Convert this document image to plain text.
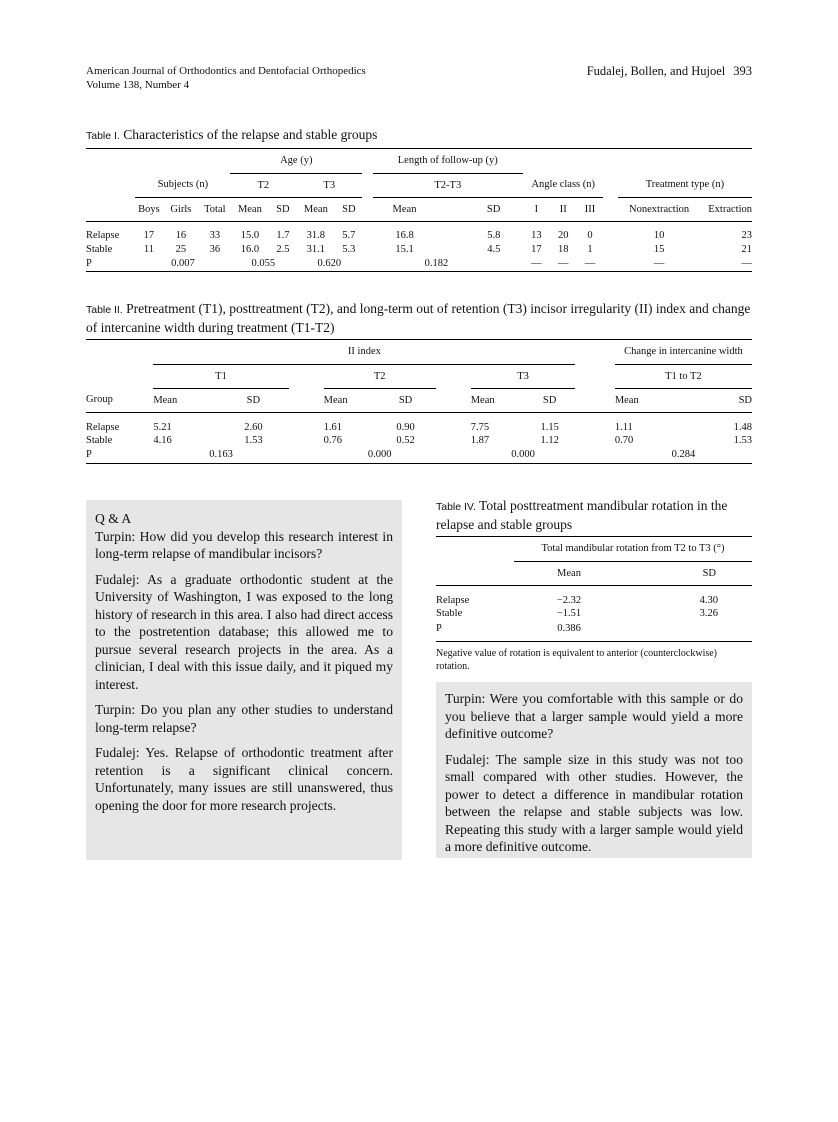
American Journal of Orthodontics and Dentofacial Orthopedics
Volume 138, Number 4
Fudalej, Bollen, and Hujoel 393
Table I. Characteristics of the relapse and stable groups
				Age (y)					Length of follow-up (y)								
	Subjects (n)			T2		T3			T2-T3			Angle class (n)				Treatment type (n)	
	Boys	Girls	Total	Mean	SD	Mean	SD		Mean	SD		I	II	III		Nonextraction	Extraction

Relapse	17	16	33	15.0	1.7	31.8	5.7		16.8	5.8		13	20	0		10	23
Stable	11	25	36	16.0	2.5	31.1	5.3		15.1	4.5		17	18	1		15	21
P	0.007			0.055		0.620			0.182			—	—	—		—	—
Table II. Pretreatment (T1), posttreatment (T2), and long-term out of retention (T3) incisor irregularity (II) index and change of intercanine width during treatment (T1-T2)
	II index									Change in intercanine width	
	T1			T2			T3			T1 to T2	
Group	Mean	SD		Mean	SD		Mean	SD		Mean	SD

Relapse	5.21	2.60		1.61	0.90		7.75	1.15		1.11	1.48
Stable	4.16	1.53		0.76	0.52		1.87	1.12		0.70	1.53
P	0.163			0.000			0.000			0.284	

Q & A

Turpin: How did you develop this research interest in long-term relapse of mandibular incisors?

Fudalej: As a graduate orthodontic student at the University of Washington, I was exposed to the long history of research in this area. I also had direct access to the postretention database; this allowed me to pursue several research projects in the area. As a clinician, I deal with this issue daily, and it piqued my interest.

Turpin: Do you plan any other studies to understand long-term relapse?

Fudalej: Yes. Relapse of orthodontic treatment after retention is a significant clinical concern. Unfortunately, many issues are still unanswered, thus opening the door for more research projects.

Table IV. Total posttreatment mandibular rotation in the relapse and stable groups
	Total mandibular rotation from T2 to T3 (°)	
	Mean	SD

Relapse	−2.32	4.30
Stable	−1.51	3.26
P	0.386	
Negative value of rotation is equivalent to anterior (counterclockwise) rotation.

Turpin: Were you comfortable with this sample or do you believe that a larger sample would yield a more definitive outcome?

Fudalej: The sample size in this study was not too small compared with other studies. However, the power to detect a difference in mandibular rotation between the relapse and stable subjects was low. Repeating this study with a larger sample would yield a more definitive outcome.
